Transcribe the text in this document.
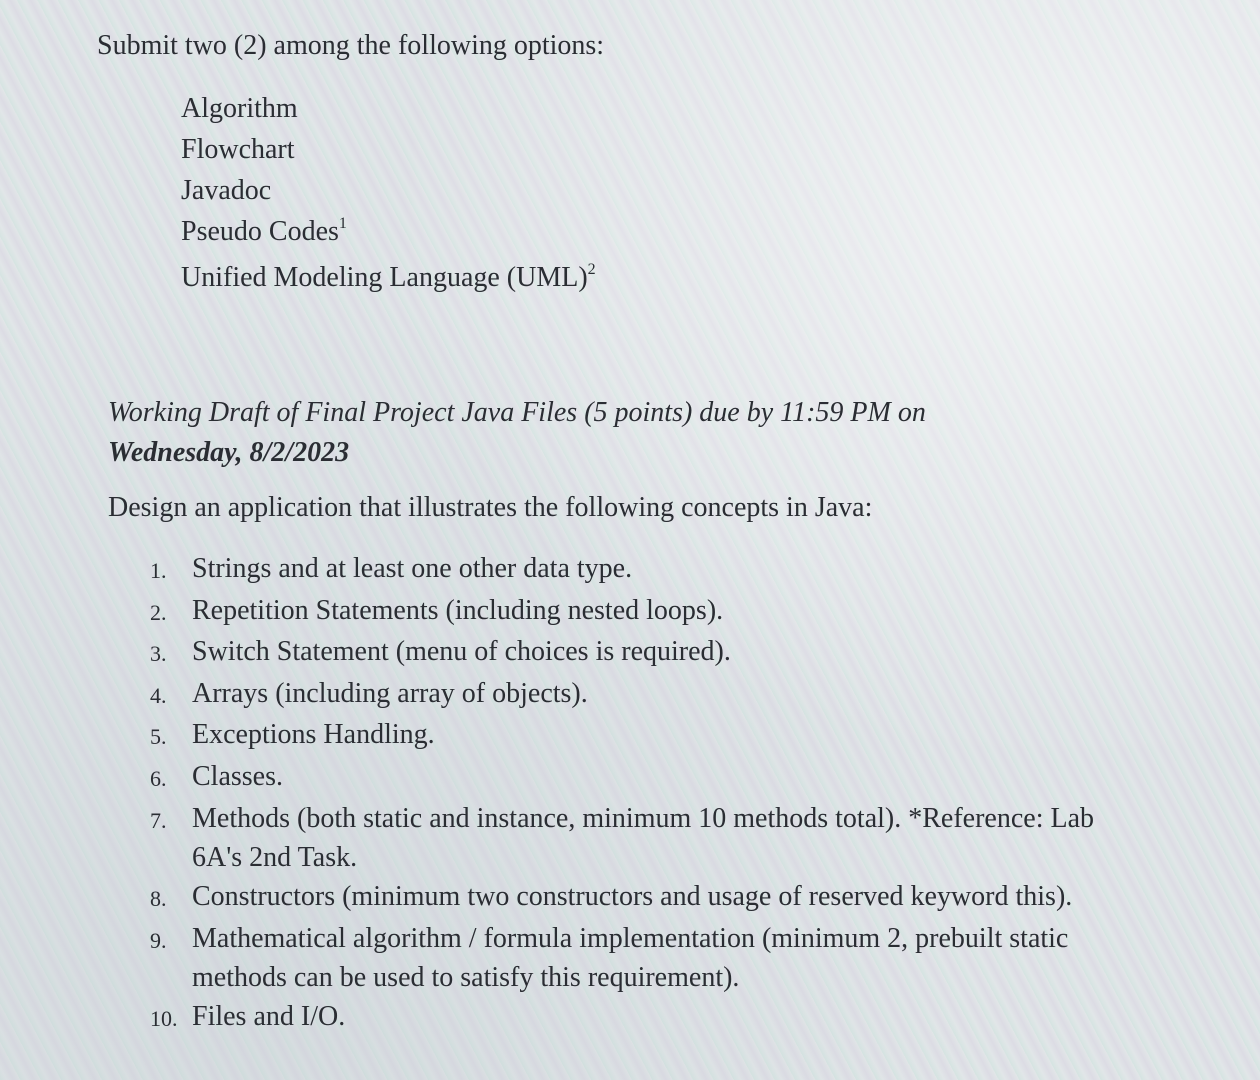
Submit two (2) among the following options:

Algorithm
Flowchart
Javadoc
Pseudo Codes$^1$
Unified Modeling Language (UML)$^2$

Working Draft of Final Project Java Files (5 points) due by 11:59 PM on
Wednesday, 8/2/2023

Design an application that illustrates the following concepts in Java:

1. Strings and at least one other data type.
2. Repetition Statements (including nested loops).
3. Switch Statement (menu of choices is required).
4. Arrays (including array of objects).
5. Exceptions Handling.
6. Classes.
7. Methods (both static and instance, minimum 10 methods total). *Reference: Lab 6A's 2nd Task.
8. Constructors (minimum two constructors and usage of reserved keyword this).
9. Mathematical algorithm / formula implementation (minimum 2, prebuilt static methods can be used to satisfy this requirement).
10. Files and I/O.
